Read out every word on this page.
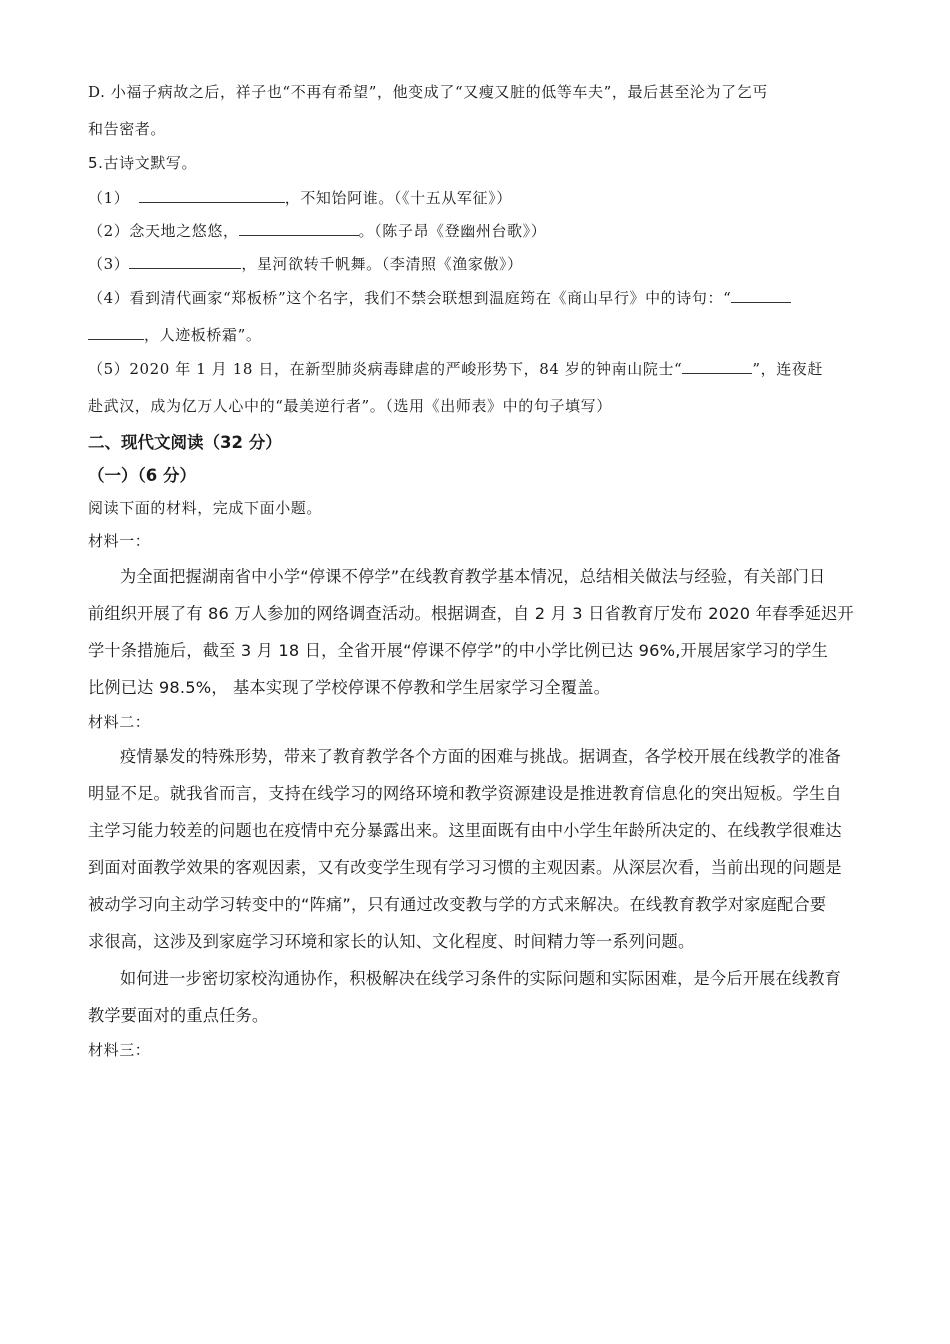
D. 小福子病故之后，祥子也“不再有希望”，他变成了“又瘦又脏的低等车夫”，最后甚至沦为了乞丐
和告密者。
5.古诗文默写。
（1）	，不知饴阿谁。（《十五从军征》）
（2）念天地之悠悠，	。（陈子昂《登幽州台歌》）
（3）	，星河欲转千帆舞。（李清照《渔家傲》）
（4）看到清代画家“郑板桥”这个名字，我们不禁会联想到温庭筠在《商山早行》中的诗句：“
，人迹板桥霜”。
（5）2020 年 1 月 18 日，在新型肺炎病毒肆虐的严峻形势下，84 岁的钟南山院士“	”，连夜赶
赴武汉，成为亿万人心中的“最美逆行者”。（选用《出师表》中的句子填写）
二、现代文阅读（32 分）
（一）（6 分）
阅读下面的材料，完成下面小题。
材料一：
为全面把握湖南省中小学“停课不停学”在线教育教学基本情况，总结相关做法与经验，有关部门日
前组织开展了有 86 万人参加的网络调查活动。根据调查，自 2 月 3 日省教育厅发布 2020 年春季延迟开
学十条措施后，截至 3 月 18 日，全省开展“停课不停学”的中小学比例已达 96%,开展居家学习的学生
比例已达 98.5%， 基本实现了学校停课不停教和学生居家学习全覆盖。
材料二：
疫情暴发的特殊形势，带来了教育教学各个方面的困难与挑战。据调查，各学校开展在线教学的准备
明显不足。就我省而言，支持在线学习的网络环境和教学资源建设是推进教育信息化的突出短板。学生自
主学习能力较差的问题也在疫情中充分暴露出来。这里面既有由中小学生年龄所决定的、在线教学很难达
到面对面教学效果的客观因素，又有改变学生现有学习习惯的主观因素。从深层次看，当前出现的问题是
被动学习向主动学习转变中的“阵痛”，只有通过改变教与学的方式来解决。在线教育教学对家庭配合要
求很高，这涉及到家庭学习环境和家长的认知、文化程度、时间精力等一系列问题。
如何进一步密切家校沟通协作，积极解决在线学习条件的实际问题和实际困难，是今后开展在线教育
教学要面对的重点任务。
材料三：
